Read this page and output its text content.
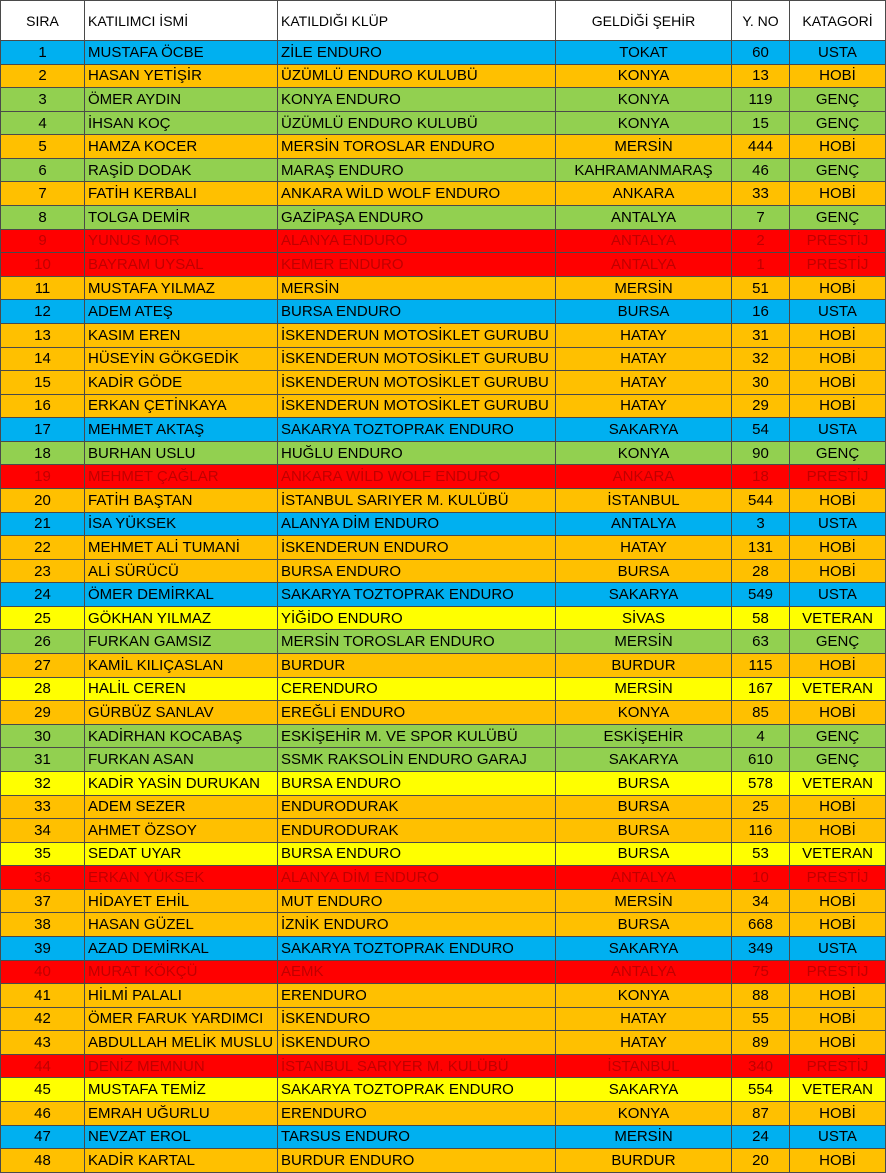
SIRA	KATILIMCI İSMİ	KATILDIĞI KLÜP	GELDİĞİ ŞEHİR	Y. NO	KATAGORİ
1	MUSTAFA ÖCBE	ZİLE ENDURO	TOKAT	60	USTA
2	HASAN YETİŞİR	ÜZÜMLÜ ENDURO KULUBÜ	KONYA	13	HOBİ
3	ÖMER AYDIN	KONYA ENDURO	KONYA	119	GENÇ
4	İHSAN KOÇ	ÜZÜMLÜ ENDURO KULUBÜ	KONYA	15	GENÇ
5	HAMZA KOCER	MERSİN TOROSLAR ENDURO	MERSİN	444	HOBİ
6	RAŞİD DODAK	MARAŞ ENDURO	KAHRAMANMARAŞ	46	GENÇ
7	FATİH KERBALI	ANKARA WİLD WOLF ENDURO	ANKARA	33	HOBİ
8	TOLGA DEMİR	GAZİPAŞA ENDURO	ANTALYA	7	GENÇ
9	YUNUS MOR	ALANYA ENDURO	ANTALYA	2	PRESTİJ
10	BAYRAM UYSAL	KEMER ENDURO	ANTALYA	1	PRESTİJ
11	MUSTAFA YILMAZ	MERSİN	MERSİN	51	HOBİ
12	ADEM ATEŞ	BURSA ENDURO	BURSA	16	USTA
13	KASIM EREN	İSKENDERUN MOTOSİKLET GURUBU	HATAY	31	HOBİ
14	HÜSEYİN GÖKGEDİK	İSKENDERUN MOTOSİKLET GURUBU	HATAY	32	HOBİ
15	KADİR GÖDE	İSKENDERUN MOTOSİKLET GURUBU	HATAY	30	HOBİ
16	ERKAN ÇETİNKAYA	İSKENDERUN MOTOSİKLET GURUBU	HATAY	29	HOBİ
17	MEHMET AKTAŞ	SAKARYA TOZTOPRAK ENDURO	SAKARYA	54	USTA
18	BURHAN USLU	HUĞLU ENDURO	KONYA	90	GENÇ
19	MEHMET ÇAĞLAR	ANKARA WİLD WOLF ENDURO	ANKARA	18	PRESTİJ
20	FATİH BAŞTAN	İSTANBUL SARIYER M. KULÜBÜ	İSTANBUL	544	HOBİ
21	İSA YÜKSEK	ALANYA DİM ENDURO	ANTALYA	3	USTA
22	MEHMET ALİ TUMANİ	İSKENDERUN ENDURO	HATAY	131	HOBİ
23	ALİ SÜRÜCÜ	BURSA ENDURO	BURSA	28	HOBİ
24	ÖMER DEMİRKAL	SAKARYA TOZTOPRAK ENDURO	SAKARYA	549	USTA
25	GÖKHAN YILMAZ	YİĞİDO ENDURO	SİVAS	58	VETERAN
26	FURKAN GAMSIZ	MERSİN TOROSLAR ENDURO	MERSİN	63	GENÇ
27	KAMİL KILIÇASLAN	BURDUR	BURDUR	115	HOBİ
28	HALİL CEREN	CERENDURO	MERSİN	167	VETERAN
29	GÜRBÜZ SANLAV	EREĞLİ ENDURO	KONYA	85	HOBİ
30	KADİRHAN KOCABAŞ	ESKİŞEHİR M. VE SPOR KULÜBÜ	ESKİŞEHİR	4	GENÇ
31	FURKAN ASAN	SSMK RAKSOLİN ENDURO GARAJ	SAKARYA	610	GENÇ
32	KADİR YASİN DURUKAN	BURSA ENDURO	BURSA	578	VETERAN
33	ADEM SEZER	ENDURODURAK	BURSA	25	HOBİ
34	AHMET ÖZSOY	ENDURODURAK	BURSA	116	HOBİ
35	SEDAT UYAR	BURSA ENDURO	BURSA	53	VETERAN
36	ERKAN YÜKSEK	ALANYA DİM ENDURO	ANTALYA	10	PRESTİJ
37	HİDAYET EHİL	MUT ENDURO	MERSİN	34	HOBİ
38	HASAN GÜZEL	İZNİK ENDURO	BURSA	668	HOBİ
39	AZAD DEMİRKAL	SAKARYA TOZTOPRAK ENDURO	SAKARYA	349	USTA
40	MURAT KÖKÇÜ	AEMK	ANTALYA	75	PRESTİJ
41	HİLMİ PALALI	ERENDURO	KONYA	88	HOBİ
42	ÖMER FARUK YARDIMCI	İSKENDURO	HATAY	55	HOBİ
43	ABDULLAH MELİK MUSLU	İSKENDURO	HATAY	89	HOBİ
44	DENİZ MEMNUN	İSTANBUL SARIYER M. KULÜBÜ	İSTANBUL	340	PRESTİJ
45	MUSTAFA TEMİZ	SAKARYA TOZTOPRAK ENDURO	SAKARYA	554	VETERAN
46	EMRAH UĞURLU	ERENDURO	KONYA	87	HOBİ
47	NEVZAT EROL	TARSUS ENDURO	MERSİN	24	USTA
48	KADİR KARTAL	BURDUR ENDURO	BURDUR	20	HOBİ
